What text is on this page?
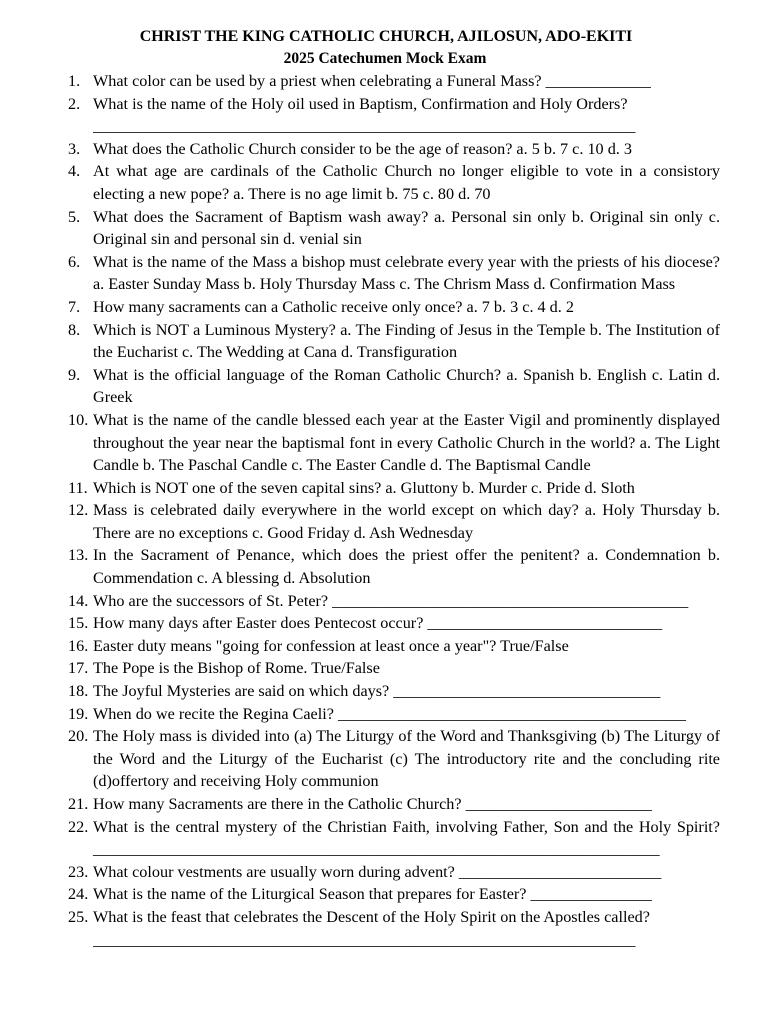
CHRIST THE KING CATHOLIC CHURCH, AJILOSUN, ADO-EKITI

2025 Catechumen Mock Exam

1. What color can be used by a priest when celebrating a Funeral Mass? _____________
2. What is the name of the Holy oil used in Baptism, Confirmation and Holy Orders?
___________________________________________________________________
3. What does the Catholic Church consider to be the age of reason? a. 5 b. 7 c. 10 d. 3
4. At what age are cardinals of the Catholic Church no longer eligible to vote in a consistory electing a new pope? a. There is no age limit b. 75 c. 80 d. 70
5. What does the Sacrament of Baptism wash away? a. Personal sin only b. Original sin only c. Original sin and personal sin d. venial sin
6. What is the name of the Mass a bishop must celebrate every year with the priests of his diocese? a. Easter Sunday Mass b. Holy Thursday Mass c. The Chrism Mass d. Confirmation Mass
7. How many sacraments can a Catholic receive only once? a. 7 b. 3 c. 4 d. 2
8. Which is NOT a Luminous Mystery? a. The Finding of Jesus in the Temple b. The Institution of the Eucharist c. The Wedding at Cana d. Transfiguration
9. What is the official language of the Roman Catholic Church? a. Spanish b. English c. Latin d. Greek
10. What is the name of the candle blessed each year at the Easter Vigil and prominently displayed throughout the year near the baptismal font in every Catholic Church in the world? a. The Light Candle b. The Paschal Candle c. The Easter Candle d. The Baptismal Candle
11. Which is NOT one of the seven capital sins? a. Gluttony b. Murder c. Pride d. Sloth
12. Mass is celebrated daily everywhere in the world except on which day? a. Holy Thursday b. There are no exceptions c. Good Friday d. Ash Wednesday
13. In the Sacrament of Penance, which does the priest offer the penitent? a. Condemnation b. Commendation c. A blessing d. Absolution
14. Who are the successors of St. Peter? ____________________________________________
15. How many days after Easter does Pentecost occur? _____________________________
16. Easter duty means "going for confession at least once a year"? True/False
17. The Pope is the Bishop of Rome. True/False
18. The Joyful Mysteries are said on which days? _________________________________
19. When do we recite the Regina Caeli? ___________________________________________
20. The Holy mass is divided into (a) The Liturgy of the Word and Thanksgiving (b) The Liturgy of the Word and the Liturgy of the Eucharist (c) The introductory rite and the concluding rite (d)offertory and receiving Holy communion
21. How many Sacraments are there in the Catholic Church? _______________________
22. What is the central mystery of the Christian Faith, involving Father, Son and the Holy Spirit? ______________________________________________________________________
23. What colour vestments are usually worn during advent? _________________________
24. What is the name of the Liturgical Season that prepares for Easter? _______________
25. What is the feast that celebrates the Descent of the Holy Spirit on the Apostles called?
___________________________________________________________________
